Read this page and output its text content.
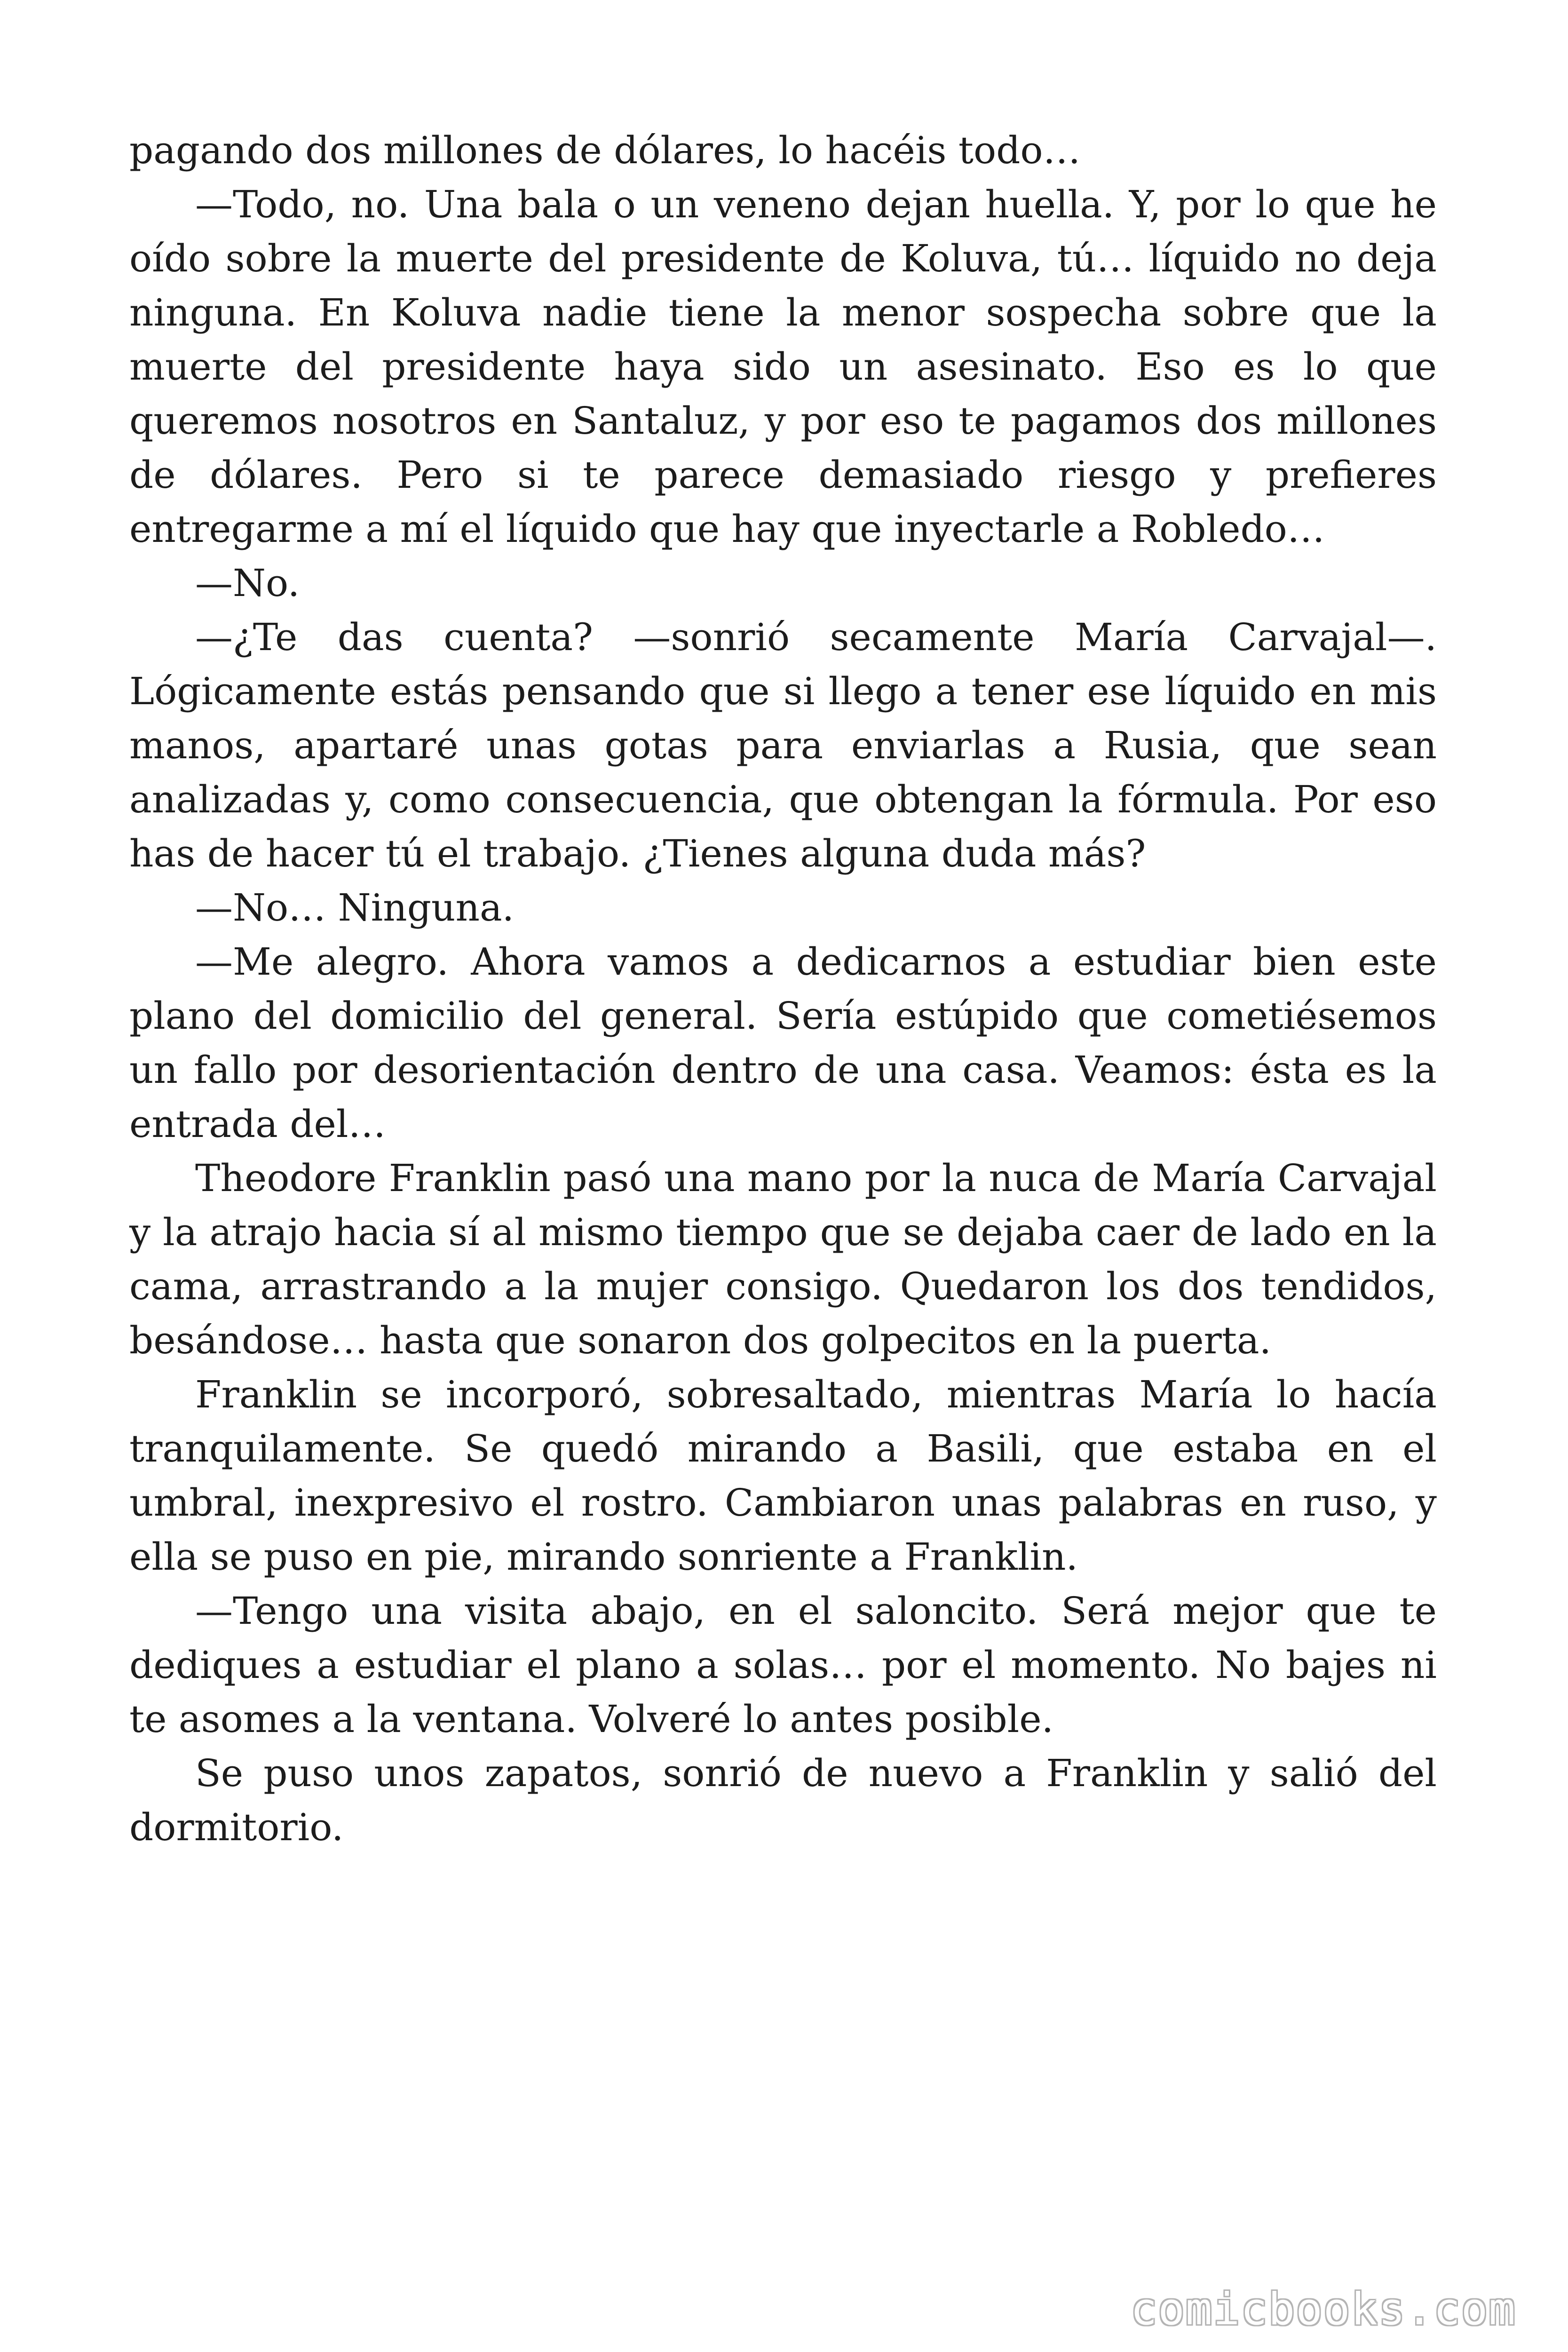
pagando dos millones de dólares, lo hacéis todo…

—Todo, no. Una bala o un veneno dejan huella. Y, por lo que he oído sobre la muerte del presidente de Koluva, tú… líquido no deja ninguna. En Koluva nadie tiene la menor sospecha sobre que la muerte del presidente haya sido un asesinato. Eso es lo que queremos nosotros en Santaluz, y por eso te pagamos dos millones de dólares. Pero si te parece demasiado riesgo y prefieres entregarme a mí el líquido que hay que inyectarle a Robledo…

—No.

—¿Te das cuenta? —sonrió secamente María Carvajal—. Lógicamente estás pensando que si llego a tener ese líquido en mis manos, apartaré unas gotas para enviarlas a Rusia, que sean analizadas y, como consecuencia, que obtengan la fórmula. Por eso has de hacer tú el trabajo. ¿Tienes alguna duda más?

—No… Ninguna.

—Me alegro. Ahora vamos a dedicarnos a estudiar bien este plano del domicilio del general. Sería estúpido que cometiésemos un fallo por desorientación dentro de una casa. Veamos: ésta es la entrada del…

Theodore Franklin pasó una mano por la nuca de María Carvajal y la atrajo hacia sí al mismo tiempo que se dejaba caer de lado en la cama, arrastrando a la mujer consigo. Quedaron los dos tendidos, besándose… hasta que sonaron dos golpecitos en la puerta.

Franklin se incorporó, sobresaltado, mientras María lo hacía tranquilamente. Se quedó mirando a Basili, que estaba en el umbral, inexpresivo el rostro. Cambiaron unas palabras en ruso, y ella se puso en pie, mirando sonriente a Franklin.

—Tengo una visita abajo, en el saloncito. Será mejor que te dediques a estudiar el plano a solas… por el momento. No bajes ni te asomes a la ventana. Volveré lo antes posible.

Se puso unos zapatos, sonrió de nuevo a Franklin y salió del dormitorio.

comicbooks.com
